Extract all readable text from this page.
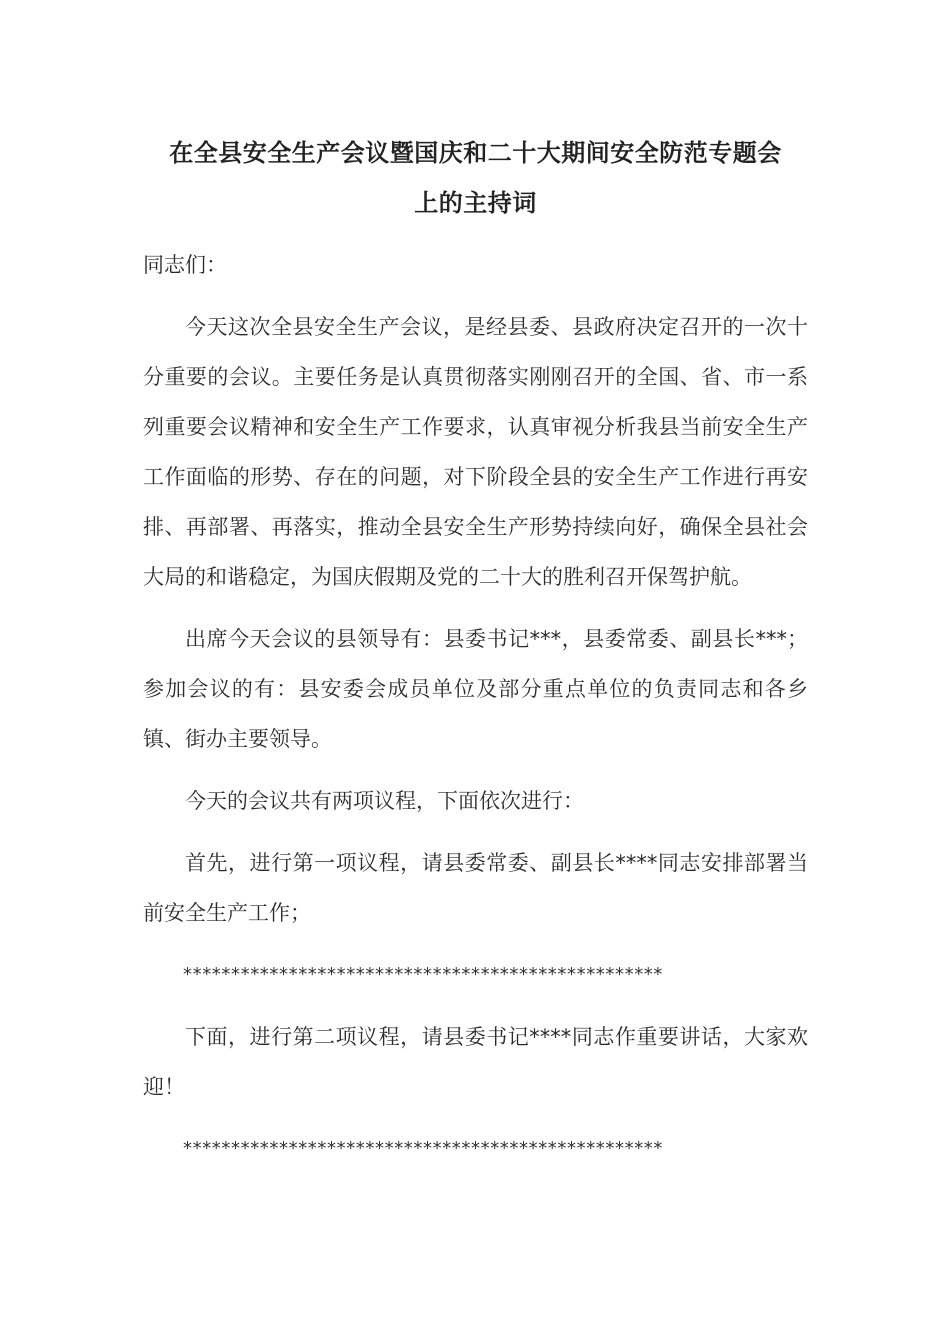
在全县安全生产会议暨国庆和二十大期间安全防范专题会
上的主持词

同志们：

今天这次全县安全生产会议，是经县委、县政府决定召开的一次十分重要的会议。主要任务是认真贯彻落实刚刚召开的全国、省、市一系列重要会议精神和安全生产工作要求，认真审视分析我县当前安全生产工作面临的形势、存在的问题，对下阶段全县的安全生产工作进行再安排、再部署、再落实，推动全县安全生产形势持续向好，确保全县社会大局的和谐稳定，为国庆假期及党的二十大的胜利召开保驾护航。

出席今天会议的县领导有：县委书记***，县委常委、副县长***；参加会议的有：县安委会成员单位及部分重点单位的负责同志和各乡镇、街办主要领导。

今天的会议共有两项议程，下面依次进行：

首先，进行第一项议程，请县委常委、副县长****同志安排部署当前安全生产工作；

**************************************************

下面，进行第二项议程，请县委书记****同志作重要讲话，大家欢迎！

**************************************************
